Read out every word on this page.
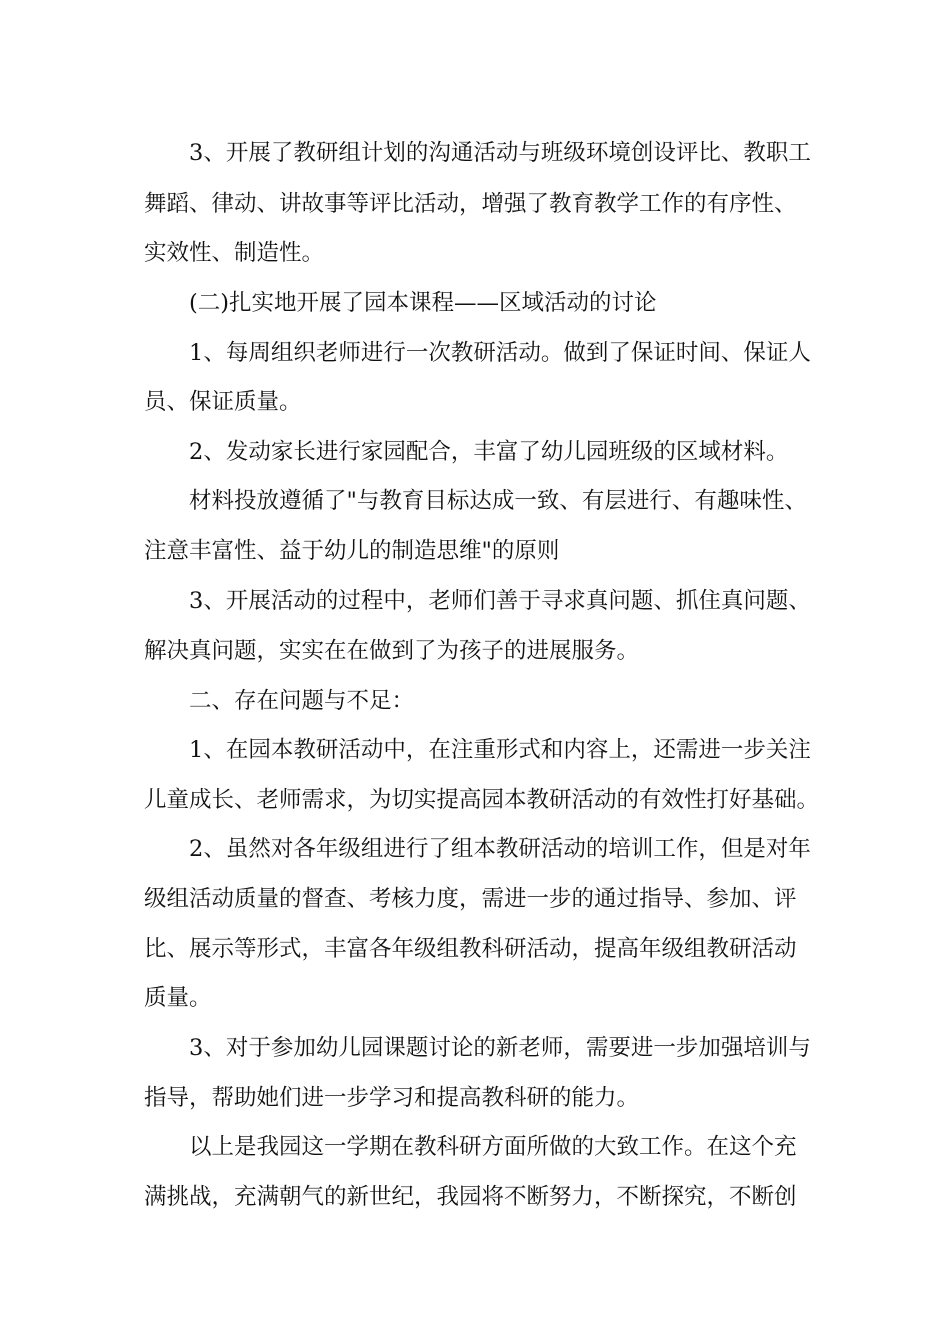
3、开展了教研组计划的沟通活动与班级环境创设评比、教职工
舞蹈、律动、讲故事等评比活动，增强了教育教学工作的有序性、
实效性、制造性。
(二)扎实地开展了园本课程——区域活动的讨论
1、每周组织老师进行一次教研活动。做到了保证时间、保证人
员、保证质量。
2、发动家长进行家园配合，丰富了幼儿园班级的区域材料。
材料投放遵循了"与教育目标达成一致、有层进行、有趣味性、
注意丰富性、益于幼儿的制造思维"的原则
3、开展活动的过程中，老师们善于寻求真问题、抓住真问题、
解决真问题，实实在在做到了为孩子的进展服务。
二、存在问题与不足：
1、在园本教研活动中，在注重形式和内容上，还需进一步关注
儿童成长、老师需求，为切实提高园本教研活动的有效性打好基础。
2、虽然对各年级组进行了组本教研活动的培训工作，但是对年
级组活动质量的督查、考核力度，需进一步的通过指导、参加、评
比、展示等形式，丰富各年级组教科研活动，提高年级组教研活动
质量。
3、对于参加幼儿园课题讨论的新老师，需要进一步加强培训与
指导，帮助她们进一步学习和提高教科研的能力。
以上是我园这一学期在教科研方面所做的大致工作。在这个充
满挑战，充满朝气的新世纪，我园将不断努力，不断探究，不断创
